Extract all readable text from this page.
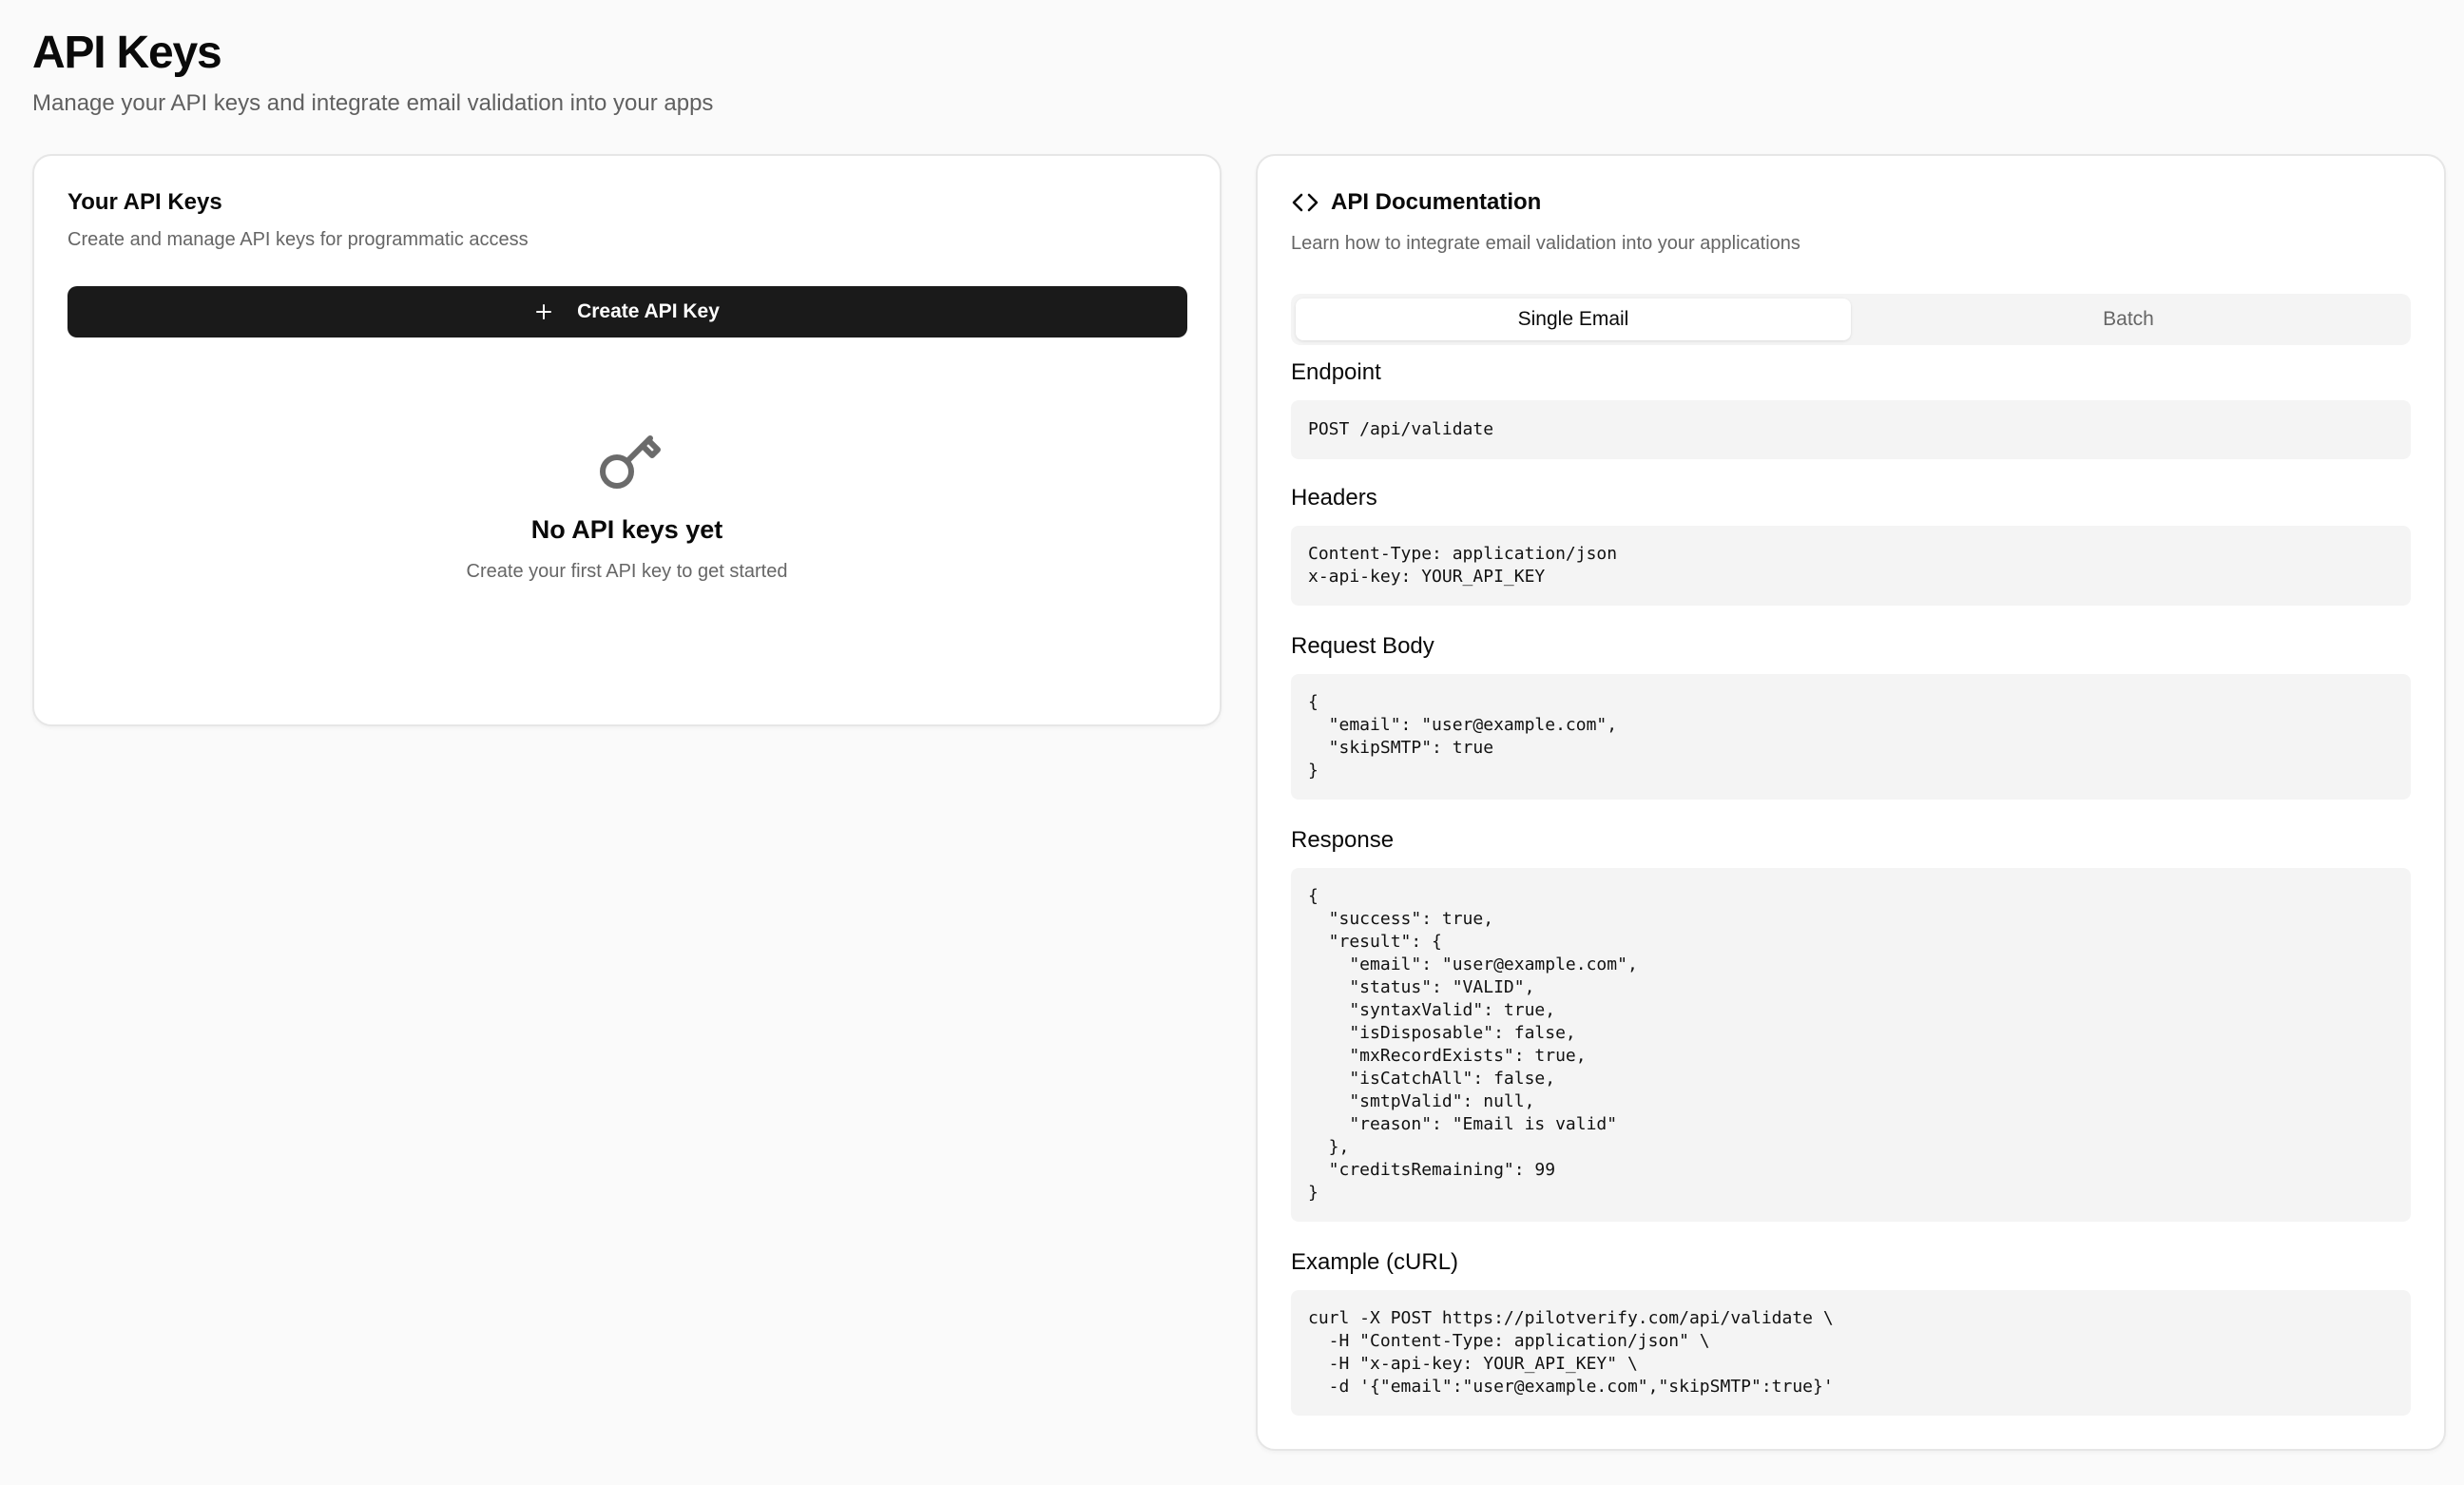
API Keys

Manage your API keys and integrate email validation into your apps

Your API Keys

Create and manage API keys for programmatic access

Create API Key
No API keys yet
Create your first API key to get started
API Documentation

Learn how to integrate email validation into your applications

Single Email	Batch
Endpoint
POST /api/validate
Headers
Content-Type: application/json
x-api-key: YOUR_API_KEY
Request Body
{
"email": "user@example.com",
"skipSMTP": true
}
Response
{
"success": true,
"result": {
"email": "user@example.com",
"status": "VALID",
"syntaxValid": true,
"isDisposable": false,
"mxRecordExists": true,
"isCatchAll": false,
"smtpValid": null,
"reason": "Email is valid"
},
"creditsRemaining": 99
}
Example (cURL)
curl -X POST https://pilotverify.com/api/validate \
-H "Content-Type: application/json" \
-H "x-api-key: YOUR_API_KEY" \
-d '{"email":"user@example.com","skipSMTP":true}'
